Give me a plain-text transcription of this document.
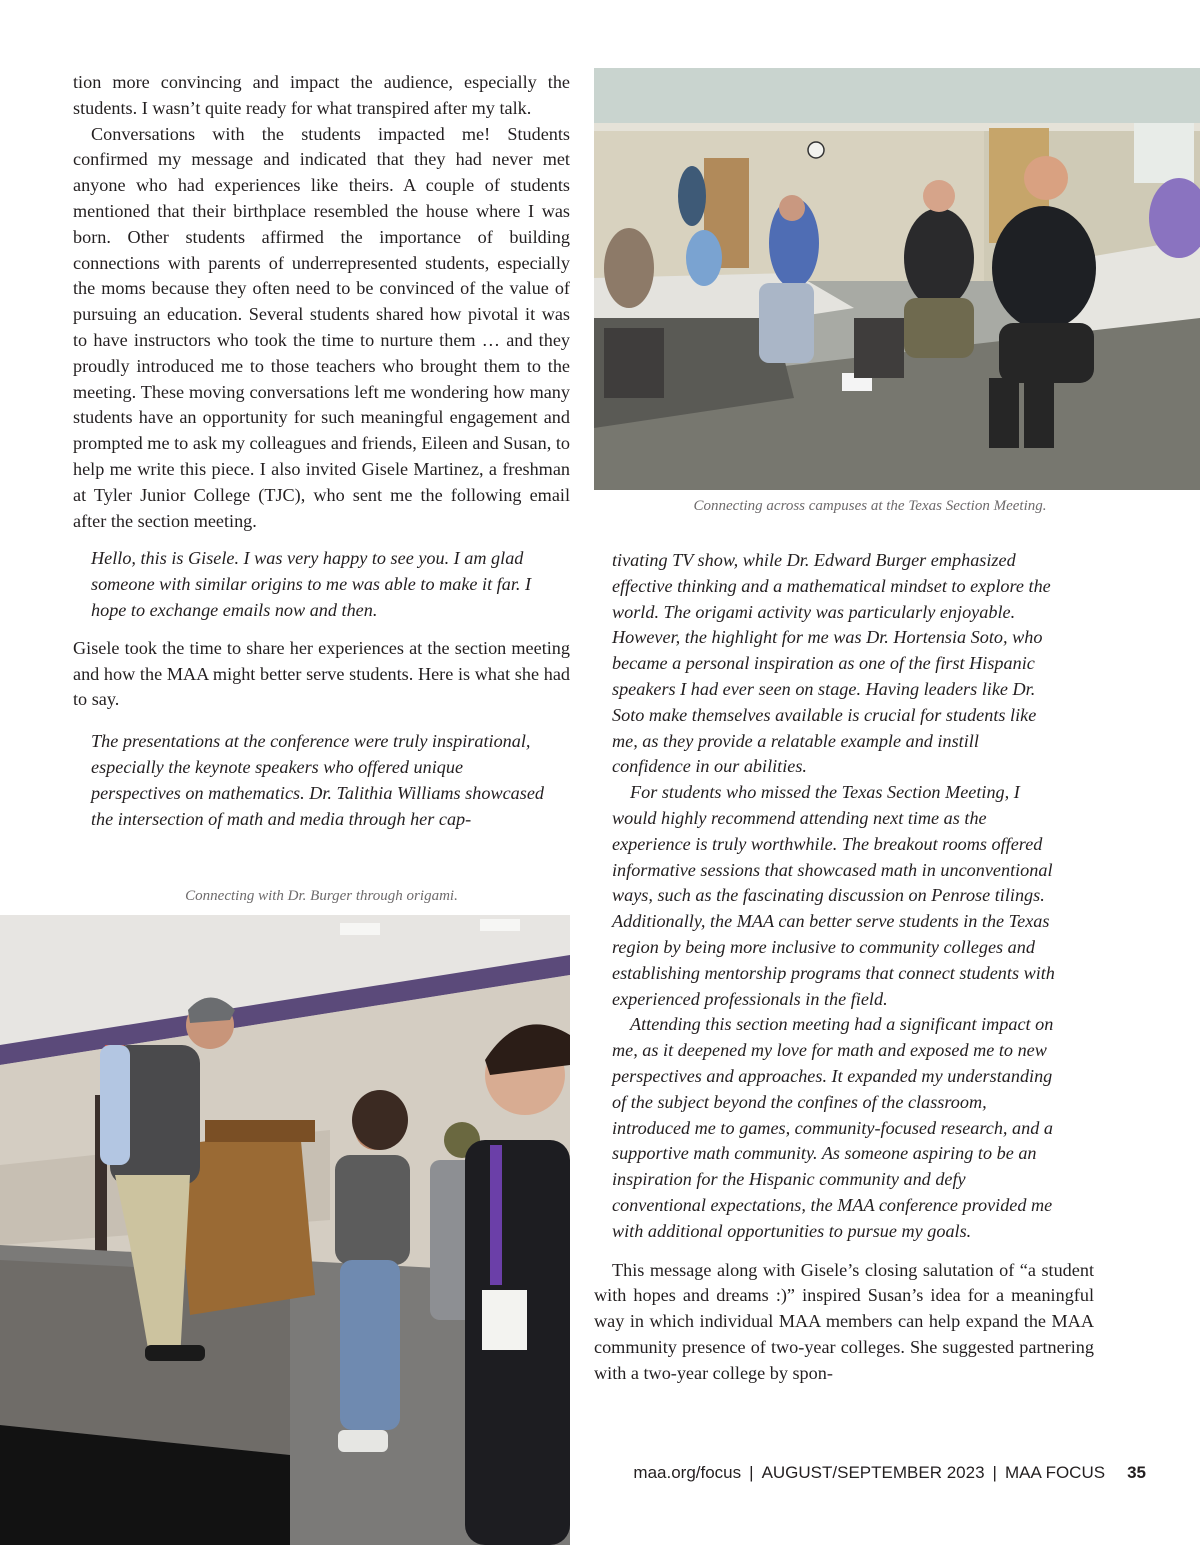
tion more convincing and impact the audience, especially the students. I wasn’t quite ready for what transpired after my talk.

Conversations with the students impacted me! Students confirmed my message and indicated that they had never met anyone who had experiences like theirs. A couple of students mentioned that their birthplace resembled the house where I was born. Other students affirmed the importance of building connections with parents of underrepresented students, especially the moms because they often need to be convinced of the value of pursuing an education. Several students shared how pivotal it was to have instructors who took the time to nurture them … and they proudly introduced me to those teachers who brought them to the meeting. These moving conversations left me wondering how many students have an opportunity for such meaningful engagement and prompted me to ask my colleagues and friends, Eileen and Susan, to help me write this piece. I also invited Gisele Martinez, a freshman at Tyler Junior College (TJC), who sent me the following email after the section meeting.

Hello, this is Gisele. I was very happy to see you. I am glad someone with similar origins to me was able to make it far. I hope to exchange emails now and then.

Gisele took the time to share her experiences at the section meeting and how the MAA might better serve students. Here is what she had to say.

The presentations at the conference were truly inspirational, especially the keynote speakers who offered unique perspectives on mathematics. Dr. Talithia Williams showcased the intersection of math and media through her cap-

Connecting across campuses at the Texas Section Meeting.

tivating TV show, while Dr. Edward Burger emphasized effective thinking and a mathematical mindset to explore the world. The origami activity was particularly enjoyable. However, the highlight for me was Dr. Hortensia Soto, who became a personal inspiration as one of the first Hispanic speakers I had ever seen on stage. Having leaders like Dr. Soto make themselves available is crucial for students like me, as they provide a relatable example and instill confidence in our abilities.

For students who missed the Texas Section Meeting, I would highly recommend attending next time as the experience is truly worthwhile. The breakout rooms offered informative sessions that showcased math in unconventional ways, such as the fascinating discussion on Penrose tilings. Additionally, the MAA can better serve students in the Texas region by being more inclusive to community colleges and establishing mentorship programs that connect students with experienced professionals in the field.

Attending this section meeting had a significant impact on me, as it deepened my love for math and exposed me to new perspectives and approaches. It expanded my understanding of the subject beyond the confines of the classroom, introduced me to games, community-focused research, and a supportive math community. As someone aspiring to be an inspiration for the Hispanic community and defy conventional expectations, the MAA conference provided me with additional opportunities to pursue my goals.

This message along with Gisele’s closing salutation of “a student with hopes and dreams :)” inspired Susan’s idea for a meaningful way in which individual MAA members can help expand the MAA community presence of two-year colleges. She suggested partnering with a two-year college by spon-

Connecting with Dr. Burger through origami.
maa.org/focus | AUGUST/SEPTEMBER 2023 | MAA FOCUS 35
